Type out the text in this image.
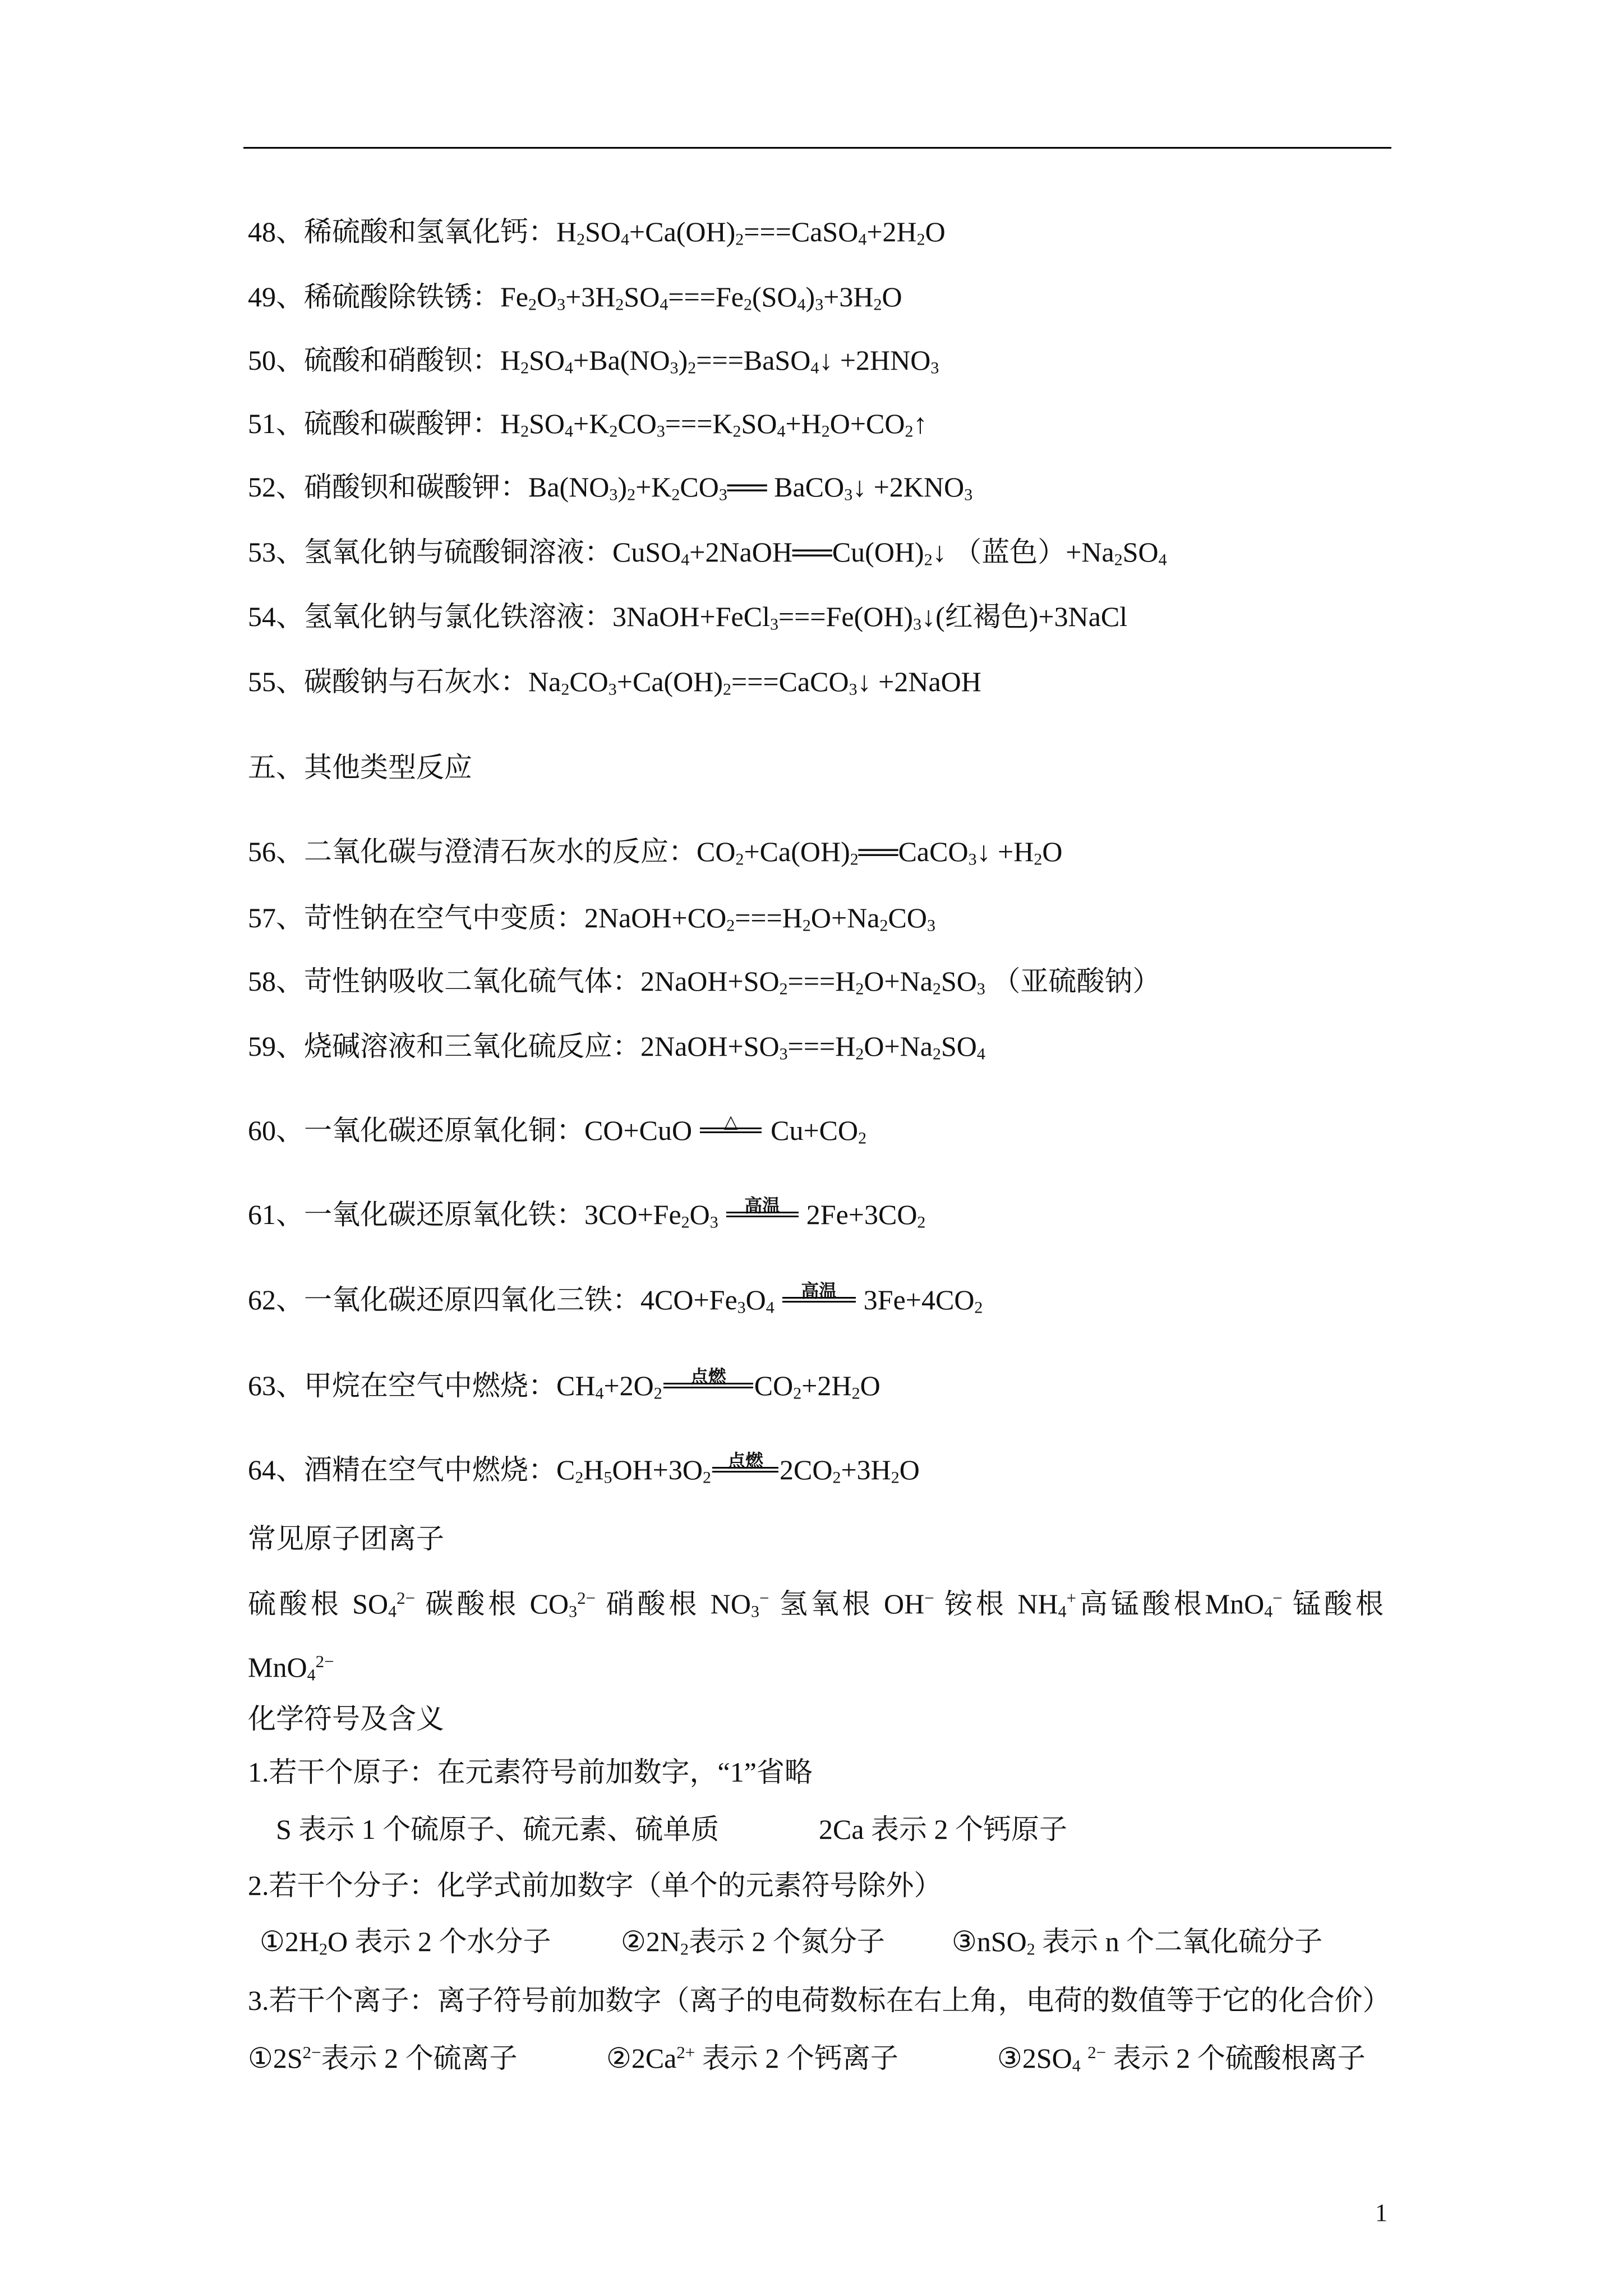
48、稀硫酸和氢氧化钙：$H_2SO_4+Ca(OH)_2===CaSO_4+2H_2O$
49、稀硫酸除铁锈：$Fe_2O_3+3H_2SO_4===Fe_2(SO_4)_3+3H_2O$
50、硫酸和硝酸钡：$H_2SO_4+Ba(NO_3)_2===BaSO_4↓ +2HNO_3$
51、硫酸和碳酸钾：$H_2SO_4+K_2CO_3===K_2SO_4+H_2O+CO_2↑$
52、硝酸钡和碳酸钾：$Ba(NO_3)_2+K_2CO_3══$ BaCO$_3$↓ $+2KNO_3$
53、氢氧化钠与硫酸铜溶液：$CuSO_4+2NaOH══Cu(OH)_2↓$ （蓝色）$+Na_2SO_4$
54、氢氧化钠与氯化铁溶液：$3NaOH+FeCl_3===Fe(OH)_3↓$(红褐色)+3NaCl
55、碳酸钠与石灰水：$Na_2CO_3+Ca(OH)_2===CaCO_3↓$ +2NaOH
五、其他类型反应
56、二氧化碳与澄清石灰水的反应：$CO_2+Ca(OH)_2══CaCO_3↓ +H_2O$
57、苛性钠在空气中变质：$2NaOH+CO_2===H_2O+Na_2CO_3$
58、苛性钠吸收二氧化硫气体：$2NaOH+SO_2===H_2O+Na_2SO_3$ （亚硫酸钠）
59、烧碱溶液和三氧化硫反应：$2NaOH+SO_3===H_2O+Na_2SO_4$
60、一氧化碳还原氧化铜：CO+CuO	△	$Cu+CO_2$
61、一氧化碳还原氧化铁：$3CO+Fe_2O_3$
高温 $2Fe+3CO_2$
62、一氧化碳还原四氧化三铁：$4CO+Fe_3O_4$
高温 $3Fe+4CO_2$
63、甲烷在空气中燃烧：$CH_4+2O_2$
点燃	$CO_2+2H_2O$
64、酒精在空气中燃烧：$C_2H_5OH+3O_2$
点燃 $2CO_2+3H_2O$
常见原子团离子
硫酸根 $SO_4^{2-}$ 碳酸根 $CO_3^{2-}$ 硝酸根 $NO_3^-$ 氢氧根 OH− 铵根 $NH_4^+$高锰酸根MnO$_4$− 锰酸根
MnO$_4^{2-}$
化学符号及含义
1.若干个原子：在元素符号前加数字，“1”省略
S 表示 1 个硫原子、硫元素、硫单质	2Ca 表示 2 个钙原子
2.若干个分子：化学式前加数字（单个的元素符号除外）
$①2H_2O$ 表示 2 个水分子 $②2N_2$表示 2 个氮分子 ③nSO$_2$ 表示 n 个二氧化硫分子
3.若干个离子：离子符号前加数字（离子的电荷数标在右上角，电荷的数值等于它的化合价）
$①2S^{2-}$表示 2 个硫离子	$②2Ca^{2+}$ 表示 2 个钙离子	$③2SO_4$ $^{2-}$ 表示 2 个硫酸根离子
1
